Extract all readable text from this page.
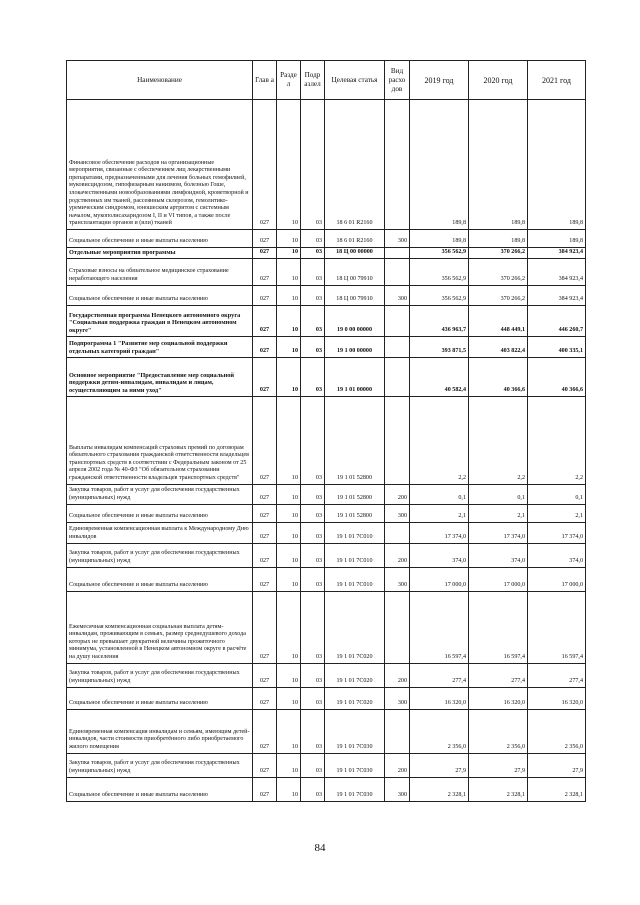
Наименование	Глав а	Разде л	Подр азлел	Целевая статья	Вид расхо дов	2019 год	2020 год	2021 год
Финансовое обеспечение расходов на организационные мероприятия, связанные с обеспечением лиц лекарственными препаратами, предназначенными для лечения больных гемофилией, муковисцидозом, гипофизарным нанизмом, болезнью Гоше, злокачественными новообразованиями лимфоидной, кроветворной и родственных им тканей, рассеянным склерозом, гемолитико-уремическим синдромом, юношеским артритом с системным началом, мукополисахаридозом I, II и VI типов, а также после трансплантации органов и (или) тканей	027	10	03	18 6 01 R2160		189,8	189,8	189,8
Социальное обеспечение и иные выплаты населению	027	10	03	18 6 01 R2160	300	189,8	189,8	189,8
Отдельные мероприятия программы	027	10	03	18 Ц 00 00000		356 562,9	370 266,2	384 923,4
Страховые взносы на обязательное медицинское страхование неработающего населения	027	10	03	18 Ц 00 79910		356 562,9	370 266,2	384 923,4
Социальное обеспечение и иные выплаты населению	027	10	03	18 Ц 00 79910	300	356 562,9	370 266,2	384 923,4
Государственная программа Ненецкого автономного округа "Социальная поддержка граждан в Ненецком автономном округе"	027	10	03	19 0 00 00000		436 963,7	448 449,1	446 260,7
Подпрограмма 1 "Развитие мер социальной поддержки отдельных категорий граждан"	027	10	03	19 1 00 00000		393 871,5	403 822,4	400 335,1
Основное мероприятие "Предоставление мер социальной поддержки детям-инвалидам, инвалидам и лицам, осуществляющим за ними уход"	027	10	03	19 1 01 00000		40 582,4	40 366,6	40 366,6
Выплаты инвалидам компенсаций страховых премий по договорам обязательного страхования гражданской ответственности владельцев транспортных средств в соответствии с Федеральным законом от 25 апреля 2002 года № 40-ФЗ "Об обязательном страховании гражданской ответственности владельцев транспортных средств"	027	10	03	19 1 01 52800		2,2	2,2	2,2
Закупка товаров, работ и услуг для обеспечения государственных (муниципальных) нужд	027	10	03	19 1 01 52800	200	0,1	0,1	0,1
Социальное обеспечение и иные выплаты населению	027	10	03	19 1 01 52800	300	2,1	2,1	2,1
Единовременная компенсационная выплата к Международному Дню инвалидов	027	10	03	19 1 01 7С010		17 374,0	17 374,0	17 374,0
Закупка товаров, работ и услуг для обеспечения государственных (муниципальных) нужд	027	10	03	19 1 01 7С010	200	374,0	374,0	374,0
Социальное обеспечение и иные выплаты населению	027	10	03	19 1 01 7С010	300	17 000,0	17 000,0	17 000,0
Ежемесячная компенсационная социальная выплата детям-инвалидам, проживающим в семьях, размер среднедушевого дохода которых не превышает двукратной величины прожиточного минимума, установленной в Ненецком автономном округе в расчёте на душу населения	027	10	03	19 1 01 7С020		16 597,4	16 597,4	16 597,4
Закупка товаров, работ и услуг для обеспечения государственных (муниципальных) нужд	027	10	03	19 1 01 7С020	200	277,4	277,4	277,4
Социальное обеспечение и иные выплаты населению	027	10	03	19 1 01 7С020	300	16 320,0	16 320,0	16 320,0
Единовременная компенсация инвалидам и семьям, имеющим детей-инвалидов, части стоимости приобретённого либо приобретаемого жилого помещения	027	10	03	19 1 01 7С030		2 356,0	2 356,0	2 356,0
Закупка товаров, работ и услуг для обеспечения государственных (муниципальных) нужд	027	10	03	19 1 01 7С030	200	27,9	27,9	27,9
Социальное обеспечение и иные выплаты населению	027	10	03	19 1 01 7С030	300	2 328,1	2 328,1	2 328,1
84
